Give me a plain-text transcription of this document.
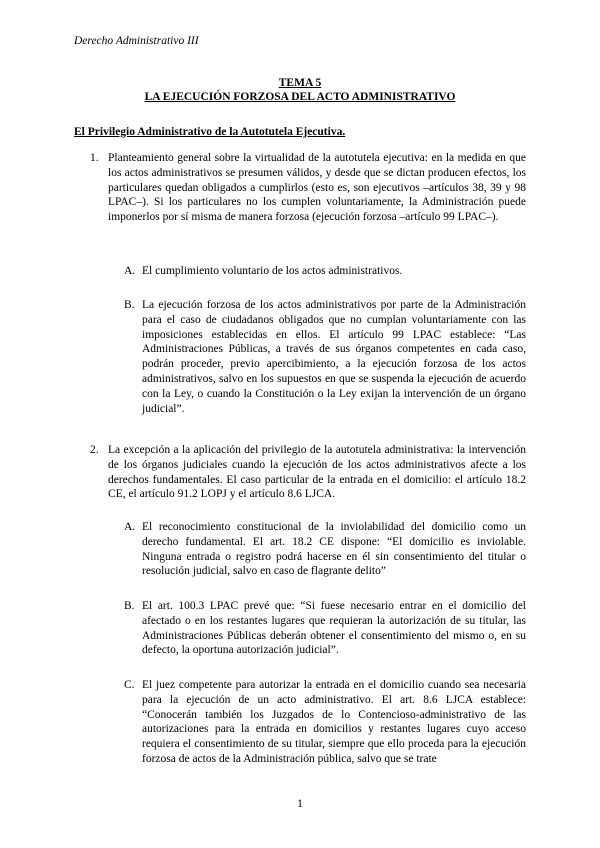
Derecho Administrativo III
TEMA 5
LA EJECUCIÓN FORZOSA DEL ACTO ADMINISTRATIVO
El Privilegio Administrativo de la Autotutela Ejecutiva.
1. Planteamiento general sobre la virtualidad de la autotutela ejecutiva: en la medida en que los actos administrativos se presumen válidos, y desde que se dictan producen efectos, los particulares quedan obligados a cumplirlos (esto es, son ejecutivos –artículos 38, 39 y 98 LPAC–). Si los particulares no los cumplen voluntariamente, la Administración puede imponerlos por sí misma de manera forzosa (ejecución forzosa –artículo 99 LPAC–).
A. El cumplimiento voluntario de los actos administrativos.
B. La ejecución forzosa de los actos administrativos por parte de la Administración para el caso de ciudadanos obligados que no cumplan voluntariamente con las imposiciones establecidas en ellos. El artículo 99 LPAC establece: “Las Administraciones Públicas, a través de sus órganos competentes en cada caso, podrán proceder, previo apercibimiento, a la ejecución forzosa de los actos administrativos, salvo en los supuestos en que se suspenda la ejecución de acuerdo con la Ley, o cuando la Constitución o la Ley exijan la intervención de un órgano judicial”.
2. La excepción a la aplicación del privilegio de la autotutela administrativa: la intervención de los órganos judiciales cuando la ejecución de los actos administrativos afecte a los derechos fundamentales. El caso particular de la entrada en el domicilio: el artículo 18.2 CE, el artículo 91.2 LOPJ y el artículo 8.6 LJCA.
A. El reconocimiento constitucional de la inviolabilidad del domicilio como un derecho fundamental. El art. 18.2 CE dispone: “El domicilio es inviolable. Ninguna entrada o registro podrá hacerse en él sin consentimiento del titular o resolución judicial, salvo en caso de flagrante delito”
B. El art. 100.3 LPAC prevé que: “Si fuese necesario entrar en el domicilio del afectado o en los restantes lugares que requieran la autorización de su titular, las Administraciones Públicas deberán obtener el consentimiento del mismo o, en su defecto, la oportuna autorización judicial”.
C. El juez competente para autorizar la entrada en el domicilio cuando sea necesaria para la ejecución de un acto administrativo. El art. 8.6 LJCA establece: “Conocerán también los Juzgados de lo Contencioso-administrativo de las autorizaciones para la entrada en domicilios y restantes lugares cuyo acceso requiera el consentimiento de su titular, siempre que ello proceda para la ejecución forzosa de actos de la Administración pública, salvo que se trate
1
